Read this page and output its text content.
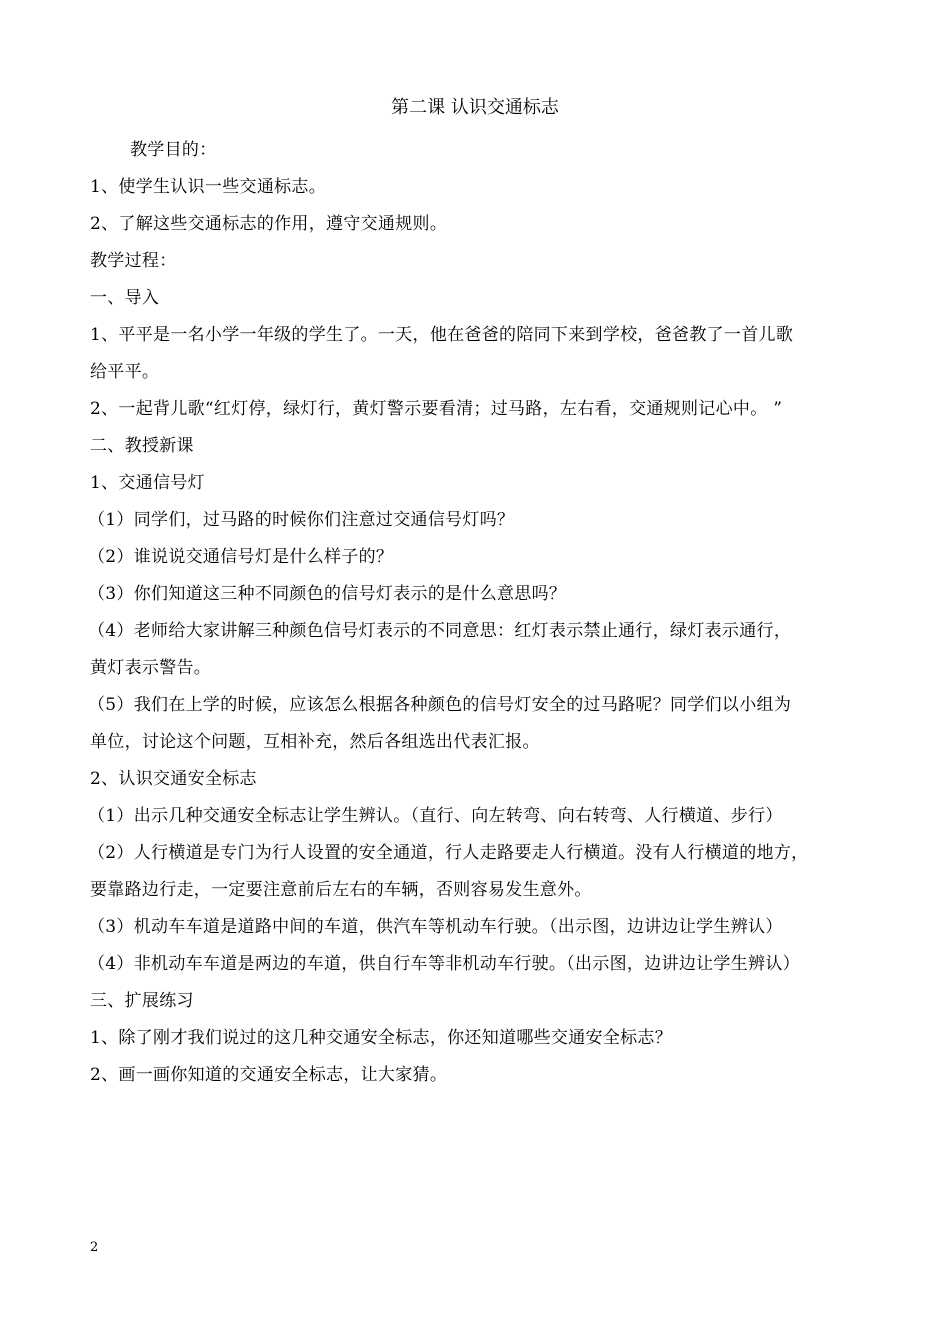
第二课 认识交通标志
教学目的：
1、使学生认识一些交通标志。
2、了解这些交通标志的作用，遵守交通规则。
教学过程：
一、导入
1、平平是一名小学一年级的学生了。一天，他在爸爸的陪同下来到学校，爸爸教了一首儿歌
给平平。
2、一起背儿歌“红灯停，绿灯行，黄灯警示要看清；过马路，左右看，交通规则记心中。 ”
二、教授新课
1、交通信号灯
（1）同学们，过马路的时候你们注意过交通信号灯吗？
（2）谁说说交通信号灯是什么样子的？
（3）你们知道这三种不同颜色的信号灯表示的是什么意思吗？
（4）老师给大家讲解三种颜色信号灯表示的不同意思：红灯表示禁止通行，绿灯表示通行，
黄灯表示警告。
（5）我们在上学的时候，应该怎么根据各种颜色的信号灯安全的过马路呢？同学们以小组为
单位，讨论这个问题，互相补充，然后各组选出代表汇报。
2、认识交通安全标志
（1）出示几种交通安全标志让学生辨认。（直行、向左转弯、向右转弯、人行横道、步行）
（2）人行横道是专门为行人设置的安全通道，行人走路要走人行横道。没有人行横道的地方，
要靠路边行走，一定要注意前后左右的车辆，否则容易发生意外。
（3）机动车车道是道路中间的车道，供汽车等机动车行驶。（出示图，边讲边让学生辨认）
（4）非机动车车道是两边的车道，供自行车等非机动车行驶。（出示图，边讲边让学生辨认）
三、扩展练习
1、除了刚才我们说过的这几种交通安全标志，你还知道哪些交通安全标志？
2、画一画你知道的交通安全标志，让大家猜。
2
